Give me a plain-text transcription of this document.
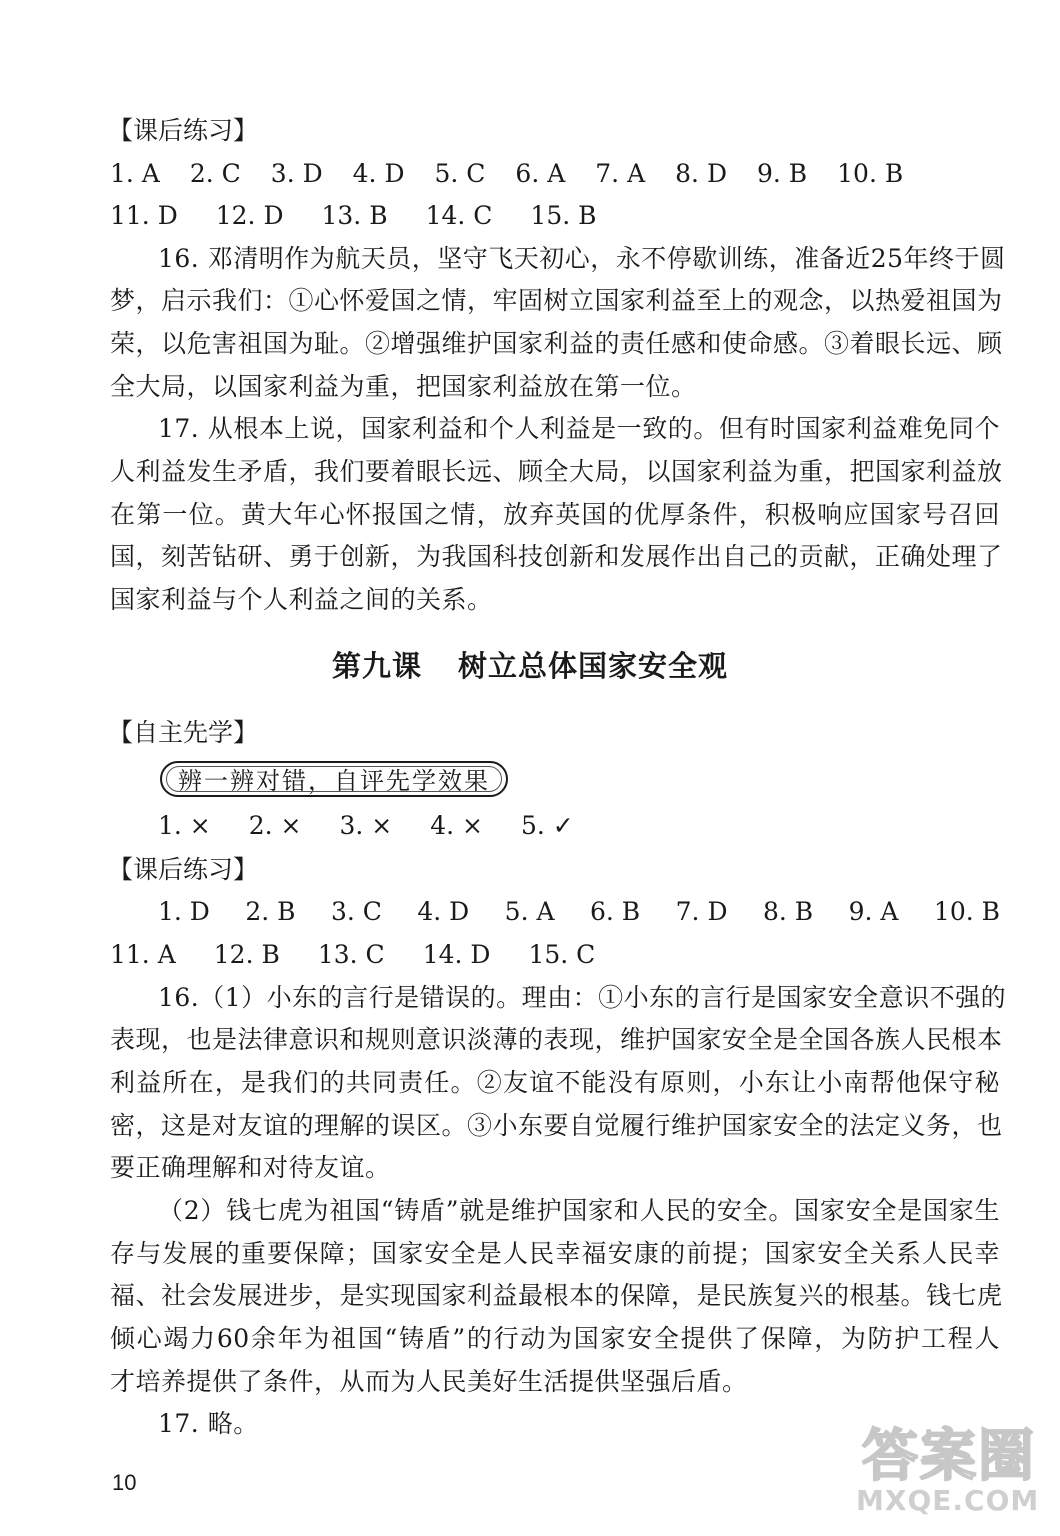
【课后练习】
1. A 2. C 3. D 4. D 5. C 6. A 7. A 8. D 9. B 10. B
11. D 12. D 13. B 14. C 15. B
16. 邓清明作为航天员，坚守飞天初心，永不停歇训练，准备近25年终于圆
梦，启示我们：①心怀爱国之情，牢固树立国家利益至上的观念，以热爱祖国为
荣，以危害祖国为耻。②增强维护国家利益的责任感和使命感。③着眼长远、顾
全大局，以国家利益为重，把国家利益放在第一位。
17. 从根本上说，国家利益和个人利益是一致的。但有时国家利益难免同个
人利益发生矛盾，我们要着眼长远、顾全大局，以国家利益为重，把国家利益放
在第一位。黄大年心怀报国之情，放弃英国的优厚条件，积极响应国家号召回
国，刻苦钻研、勇于创新，为我国科技创新和发展作出自己的贡献，正确处理了
国家利益与个人利益之间的关系。
第九课 树立总体国家安全观
【自主先学】
辨一辨对错，自评先学效果
1. × 2. × 3. × 4. × 5. ✓
【课后练习】
1. D 2. B 3. C 4. D 5. A 6. B 7. D 8. B 9. A 10. B
11. A 12. B 13. C 14. D 15. C
16.（1）小东的言行是错误的。理由：①小东的言行是国家安全意识不强的
表现，也是法律意识和规则意识淡薄的表现，维护国家安全是全国各族人民根本
利益所在，是我们的共同责任。②友谊不能没有原则，小东让小南帮他保守秘
密，这是对友谊的理解的误区。③小东要自觉履行维护国家安全的法定义务，也
要正确理解和对待友谊。
（2）钱七虎为祖国“铸盾”就是维护国家和人民的安全。国家安全是国家生
存与发展的重要保障；国家安全是人民幸福安康的前提；国家安全关系人民幸
福、社会发展进步，是实现国家利益最根本的保障，是民族复兴的根基。钱七虎
倾心竭力60余年为祖国“铸盾”的行动为国家安全提供了保障，为防护工程人
才培养提供了条件，从而为人民美好生活提供坚强后盾。
17. 略。
10	答案圈
MXQE.COM
